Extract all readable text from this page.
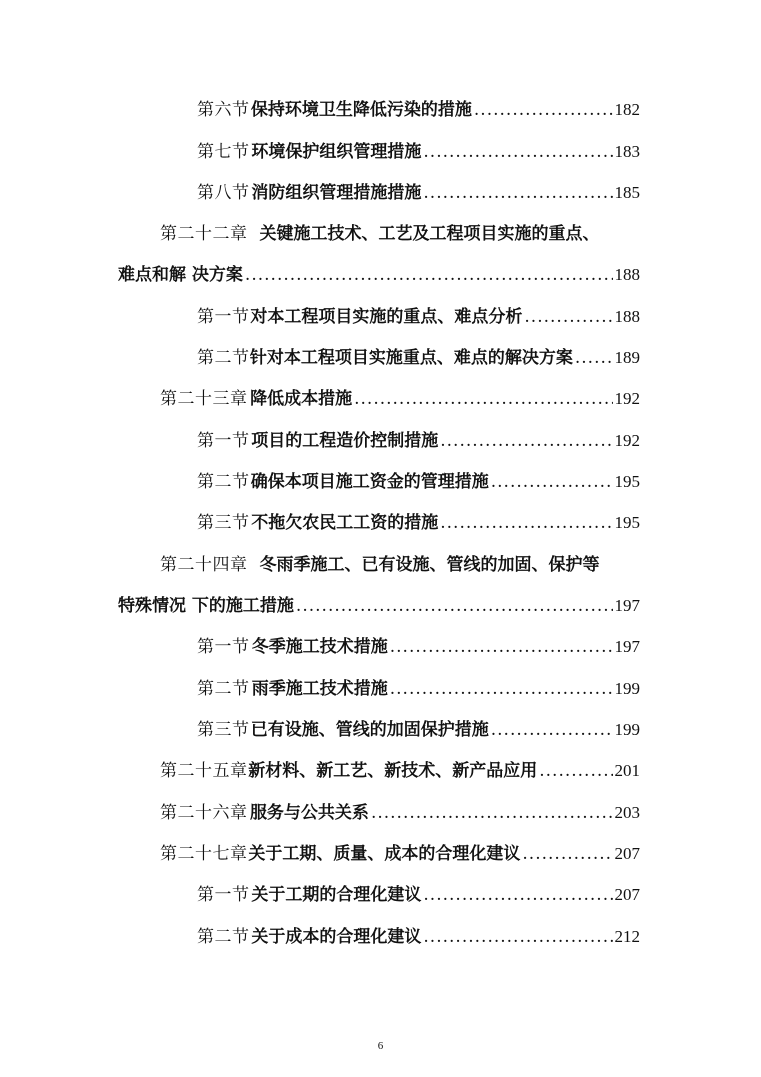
第六节 保持环境卫生降低污染的措施 .....	182
第七节 环境保护组织管理措施 .....	183
第八节 消防组织管理措施措施 .....	185
第二十二章 关键施工技术、工艺及工程项目实施的重点、
难点和解 决方案 .....	188
第一节 对本工程项目实施的重点、难点分析 .....	188
第二节 针对本工程项目实施重点、难点的解决方案 ..... 189
第二十三章 降低成本措施 .....	192
第一节 项目的工程造价控制措施 .....	192
第二节 确保本项目施工资金的管理措施 .....	195
第三节 不拖欠农民工工资的措施 .....	195
第二十四章 冬雨季施工、已有设施、管线的加固、保护等
特殊情况 下的施工措施 .....	197
第一节 冬季施工技术措施 .....	197
第二节 雨季施工技术措施 .....	199
第三节 已有设施、管线的加固保护措施 .....	199
第二十五章 新材料、新工艺、新技术、新产品应用 .....	201
第二十六章 服务与公共关系 .....	203
第二十七章 关于工期、质量、成本的合理化建议 .....	207
第一节 关于工期的合理化建议 .....	207
第二节 关于成本的合理化建议 .....	212
6
